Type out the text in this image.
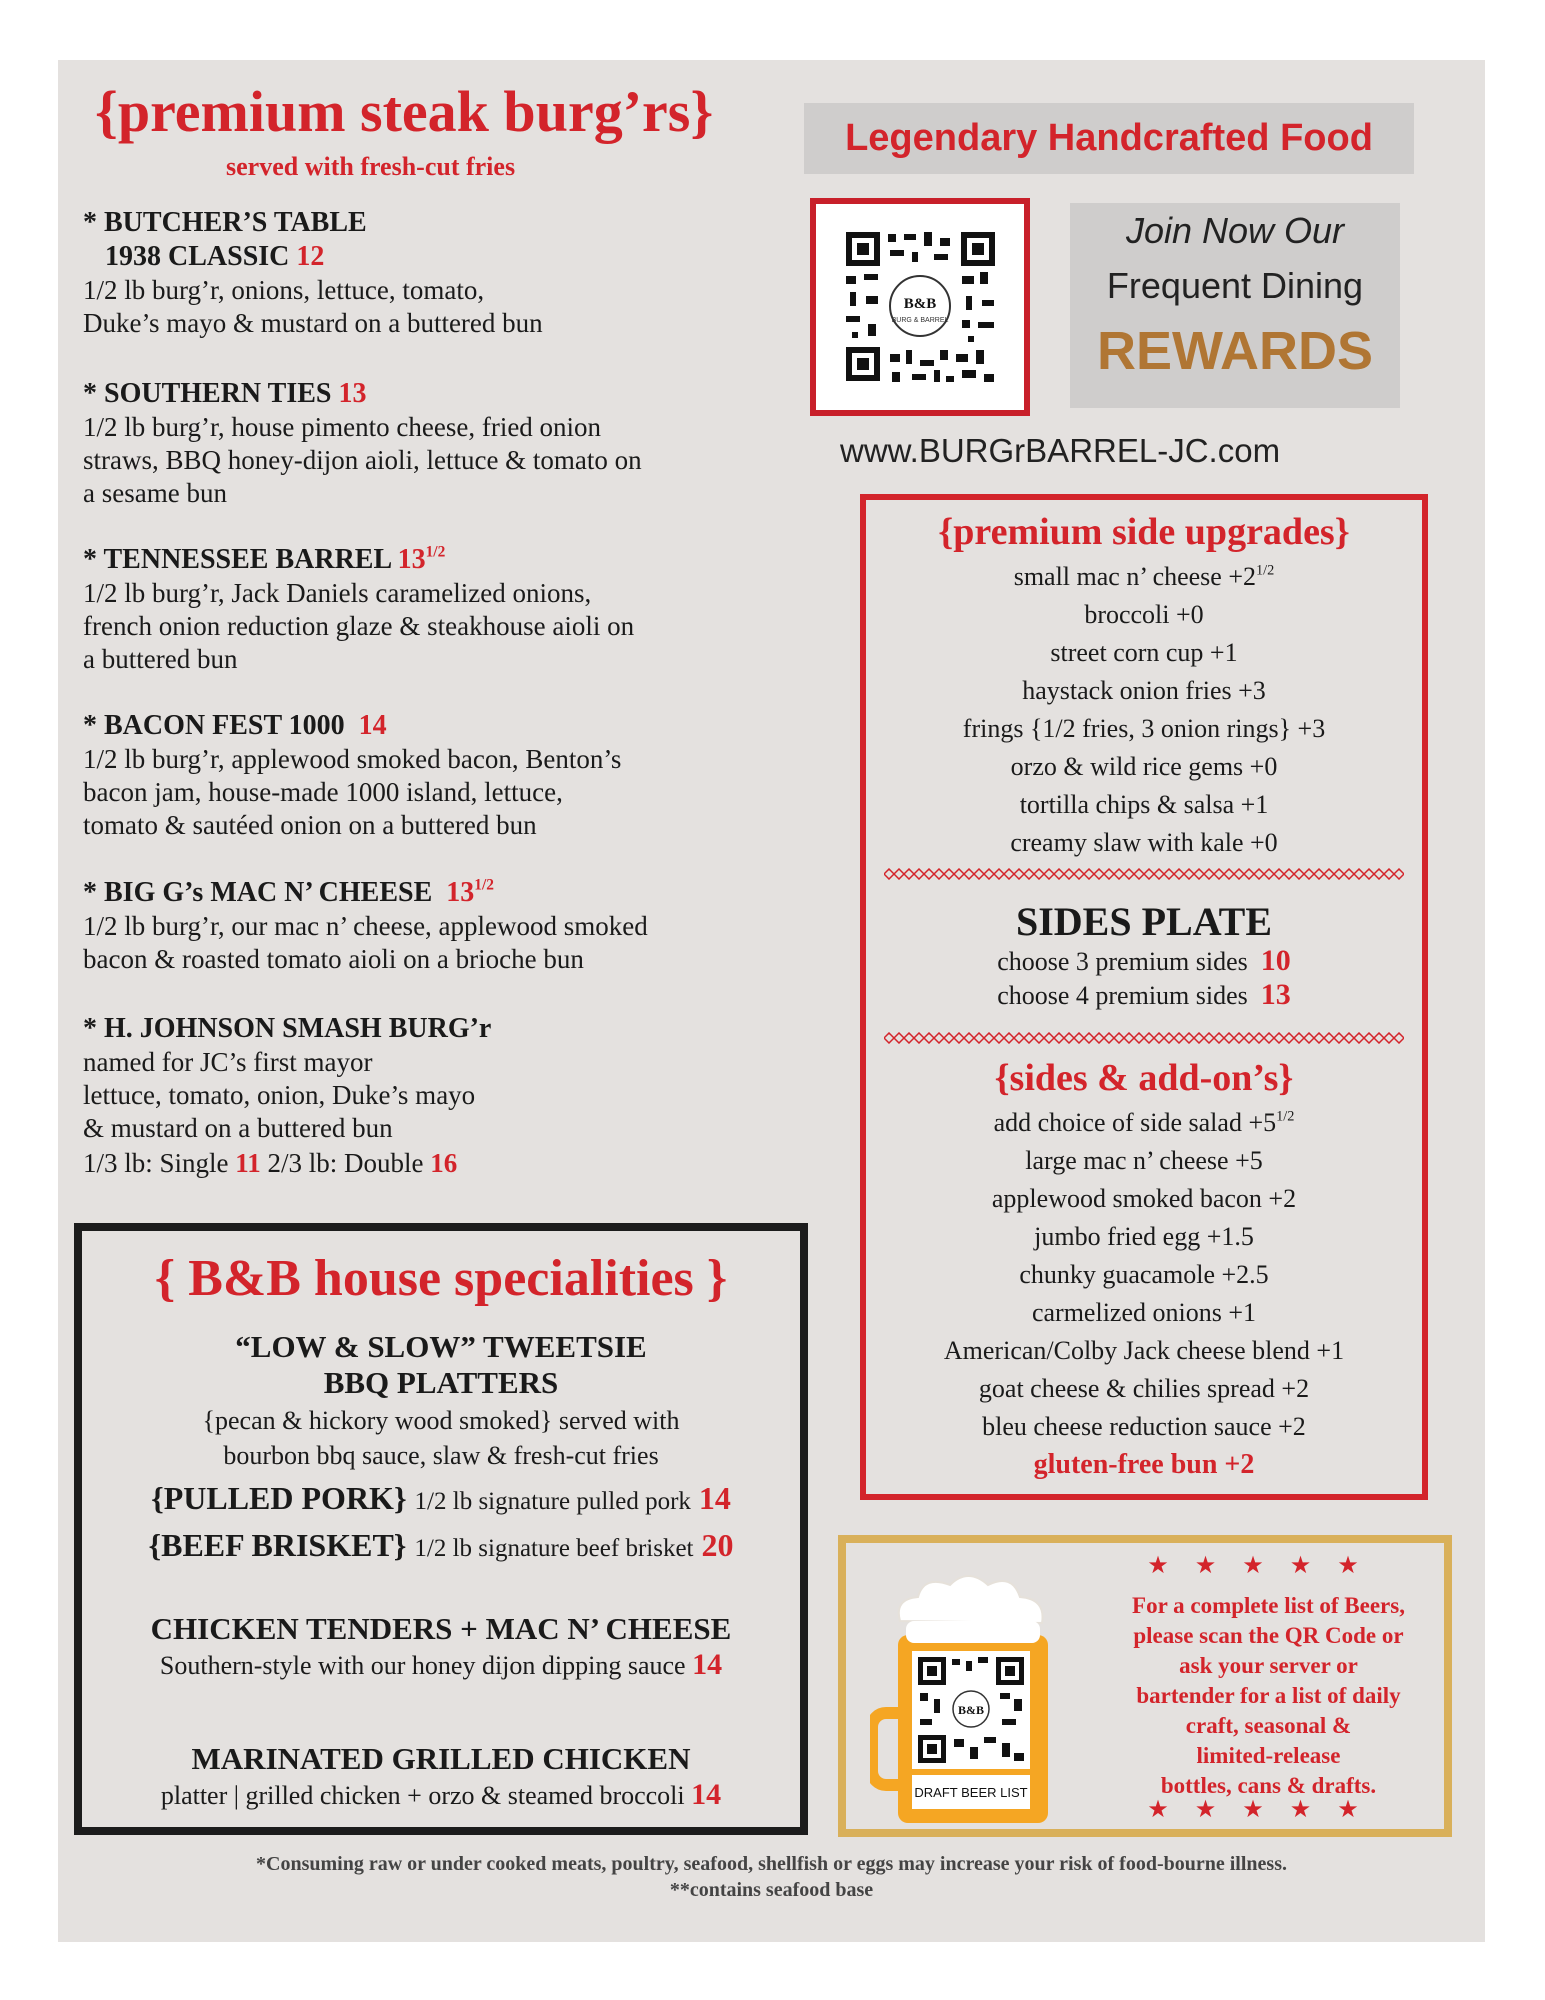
{premium steak burg’rs}
served with fresh-cut fries
* BUTCHER’S TABLE
1938 CLASSIC 12
1/2 lb burg’r, onions, lettuce, tomato,
Duke’s mayo & mustard on a buttered bun
* SOUTHERN TIES 13
1/2 lb burg’r, house pimento cheese, fried onion
straws, BBQ honey-dijon aioli, lettuce & tomato on
a sesame bun
* TENNESSEE BARREL $13^{1/2}$
1/2 lb burg’r, Jack Daniels caramelized onions,
french onion reduction glaze & steakhouse aioli on
a buttered bun
* BACON FEST 1000 14
1/2 lb burg’r, applewood smoked bacon, Benton’s
bacon jam, house-made 1000 island, lettuce,
tomato & sautéed onion on a buttered bun
* BIG G’s MAC N’ CHEESE $13^{1/2}$
1/2 lb burg’r, our mac n’ cheese, applewood smoked
bacon & roasted tomato aioli on a brioche bun
* H. JOHNSON SMASH BURG’r
named for JC’s first mayor
lettuce, tomato, onion, Duke’s mayo
& mustard on a buttered bun
1/3 lb: Single 11 2/3 lb: Double 16
{ B&B house specialities }
“LOW & SLOW” TWEETSIE
BBQ PLATTERS
{pecan & hickory wood smoked} served with
bourbon bbq sauce, slaw & fresh-cut fries
{PULLED PORK} 1/2 lb signature pulled pork 14
{BEEF BRISKET} 1/2 lb signature beef brisket 20
CHICKEN TENDERS + MAC N’ CHEESE
Southern-style with our honey dijon dipping sauce 14
MARINATED GRILLED CHICKEN
platter | grilled chicken + orzo & steamed broccoli 14
Legendary Handcrafted Food
B&B
BURG & BARREL
Join Now Our
Frequent Dining
REWARDS
www.BURGrBARREL-JC.com
{premium side upgrades}
small mac n’ cheese $+2^{1/2}$
broccoli +0
street corn cup +1
haystack onion fries +3
frings {1/2 fries, 3 onion rings} +3
orzo & wild rice gems +0
tortilla chips & salsa +1
creamy slaw with kale +0
SIDES PLATE
choose 3 premium sides 10
choose 4 premium sides 13
{sides & add-on’s}
add choice of side salad $+5^{1/2}$
large mac n’ cheese +5
applewood smoked bacon +2
jumbo fried egg +1.5
chunky guacamole +2.5
carmelized onions +1
American/Colby Jack cheese blend +1
goat cheese & chilies spread +2
bleu cheese reduction sauce +2
gluten-free bun +2
B&B
DRAFT BEER LIST
★★★★★
For a complete list of Beers,
please scan the QR Code or
ask your server or
bartender for a list of daily
craft, seasonal &
limited-release
bottles, cans & drafts.
★★★★★
*Consuming raw or under cooked meats, poultry, seafood, shellfish or eggs may increase your risk of food-bourne illness.
**contains seafood base
